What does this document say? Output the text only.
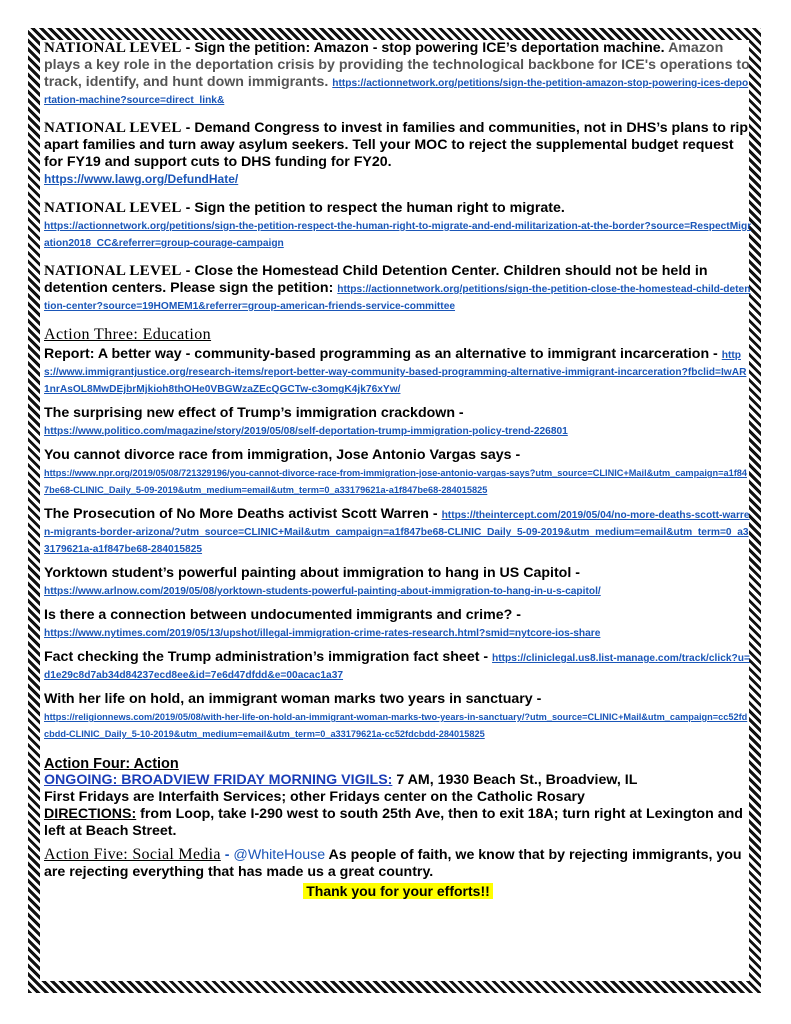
NATIONAL LEVEL - Sign the petition: Amazon - stop powering ICE’s deportation machine. Amazon plays a key role in the deportation crisis by providing the technological backbone for ICE's operations to track, identify, and hunt down immigrants. https://actionnetwork.org/petitions/sign-the-petition-amazon-stop-powering-ices-deportation-machine?source=direct_link&
NATIONAL LEVEL - Demand Congress to invest in families and communities, not in DHS’s plans to rip apart families and turn away asylum seekers. Tell your MOC to reject the supplemental budget request for FY19 and support cuts to DHS funding for FY20.
https://www.lawg.org/DefundHate/
NATIONAL LEVEL - Sign the petition to respect the human right to migrate.
https://actionnetwork.org/petitions/sign-the-petition-respect-the-human-right-to-migrate-and-end-militarization-at-the-border?source=RespectMigration2018_CC&referrer=group-courage-campaign
NATIONAL LEVEL - Close the Homestead Child Detention Center. Children should not be held in detention centers. Please sign the petition: https://actionnetwork.org/petitions/sign-the-petition-close-the-homestead-child-detention-center?source=19HOMEM1&referrer=group-american-friends-service-committee
Action Three: Education
Report: A better way - community-based programming as an alternative to immigrant incarceration - https://www.immigrantjustice.org/research-items/report-better-way-community-based-programming-alternative-immigrant-incarceration?fbclid=IwAR1nrAsOL8MwDEjbrMjkioh8thOHe0VBGWzaZEcQGCTw-c3omgK4jk76xYw/
The surprising new effect of Trump’s immigration crackdown -
https://www.politico.com/magazine/story/2019/05/08/self-deportation-trump-immigration-policy-trend-226801
You cannot divorce race from immigration, Jose Antonio Vargas says -
https://www.npr.org/2019/05/08/721329196/you-cannot-divorce-race-from-immigration-jose-antonio-vargas-says?utm_source=CLINIC+Mail&utm_campaign=a1f847be68-CLINIC_Daily_5-09-2019&utm_medium=email&utm_term=0_a33179621a-a1f847be68-284015825
The Prosecution of No More Deaths activist Scott Warren - https://theintercept.com/2019/05/04/no-more-deaths-scott-warren-migrants-border-arizona/?utm_source=CLINIC+Mail&utm_campaign=a1f847be68-CLINIC_Daily_5-09-2019&utm_medium=email&utm_term=0_a33179621a-a1f847be68-284015825
Yorktown student’s powerful painting about immigration to hang in US Capitol -
https://www.arlnow.com/2019/05/08/yorktown-students-powerful-painting-about-immigration-to-hang-in-u-s-capitol/
Is there a connection between undocumented immigrants and crime? -
https://www.nytimes.com/2019/05/13/upshot/illegal-immigration-crime-rates-research.html?smid=nytcore-ios-share
Fact checking the Trump administration’s immigration fact sheet - https://cliniclegal.us8.list-manage.com/track/click?u=d1e29c8d7ab34d84237ecd8ee&id=7e6d47dfdd&e=00acac1a37
With her life on hold, an immigrant woman marks two years in sanctuary -
https://religionnews.com/2019/05/08/with-her-life-on-hold-an-immigrant-woman-marks-two-years-in-sanctuary/?utm_source=CLINIC+Mail&utm_campaign=cc52fdcbdd-CLINIC_Daily_5-10-2019&utm_medium=email&utm_term=0_a33179621a-cc52fdcbdd-284015825
Action Four: Action
ONGOING: BROADVIEW FRIDAY MORNING VIGILS: 7 AM, 1930 Beach St., Broadview, IL
First Fridays are Interfaith Services; other Fridays center on the Catholic Rosary
DIRECTIONS: from Loop, take I-290 west to south 25th Ave, then to exit 18A; turn right at Lexington and left at Beach Street.
Action Five: Social Media - @WhiteHouse As people of faith, we know that by rejecting immigrants, you are rejecting everything that has made us a great country.
Thank you for your efforts!!
